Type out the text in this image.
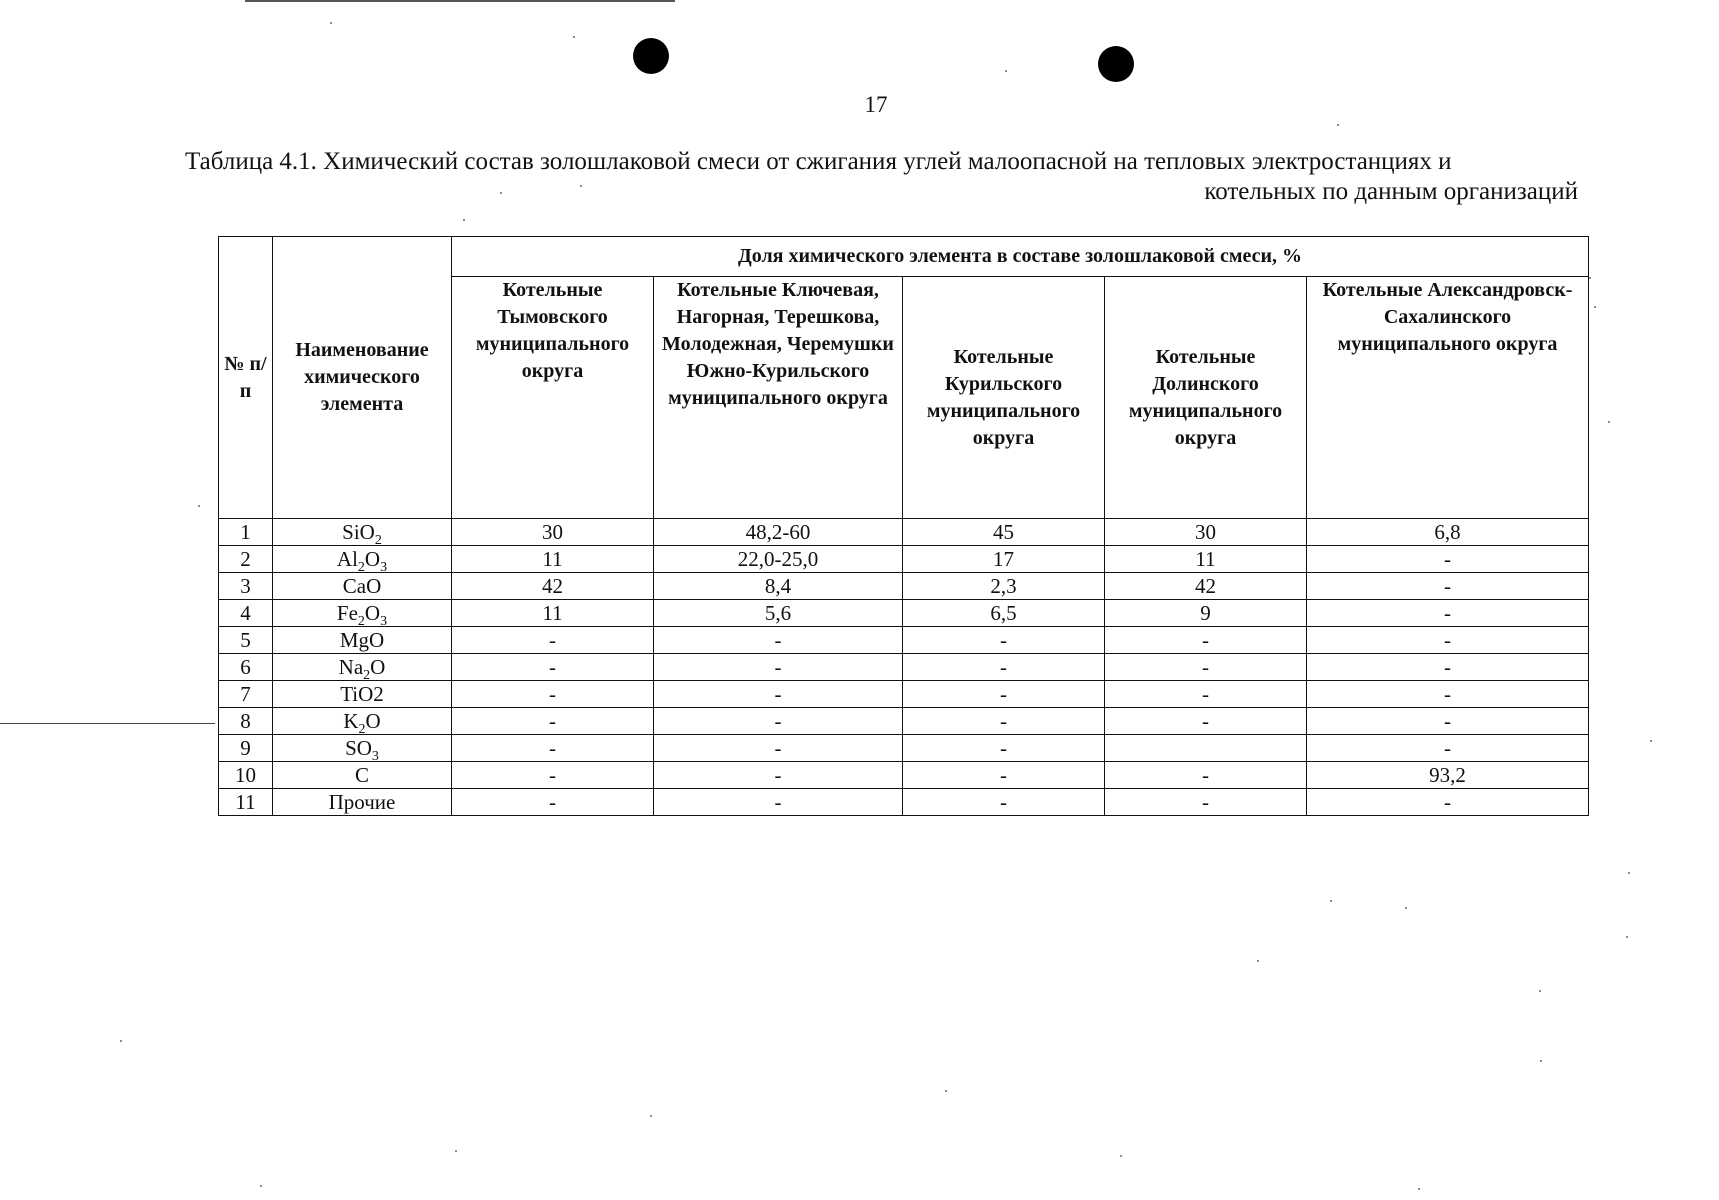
17
Таблица 4.1. Химический состав золошлаковой смеси от сжигания углей малоопасной на тепловых электростанциях и
котельных по данным организаций
№ п/п	Наименование химического элемента	Доля химического элемента в составе золошлаковой смеси, %				
		Котельные Тымовского муниципального округа	Котельные Ключевая, Нагорная, Терешкова, Молодежная, Черемушки Южно-Курильского муниципального округа	Котельные Курильского муниципального округа	Котельные Долинского муниципального округа	Котельные Александровск-Сахалинского муниципального округа
1	SiO$_2$	30	48,2-60	45	30	6,8
2	$Al_2O_3$	11	22,0-25,0	17	11	-
3	CaO	42	8,4	2,3	42	-
4	$Fe_2O_3$	11	5,6	6,5	9	-
5	MgO	-	-	-	-	-
6	$Na_2O$	-	-	-	-	-
7	TiO2	-	-	-	-	-
8	$K_2O$	-	-	-	-	-
9	$SO_3$	-	-	-		-
10	C	-	-	-	-	93,2
11	Прочие	-	-	-	-	-
